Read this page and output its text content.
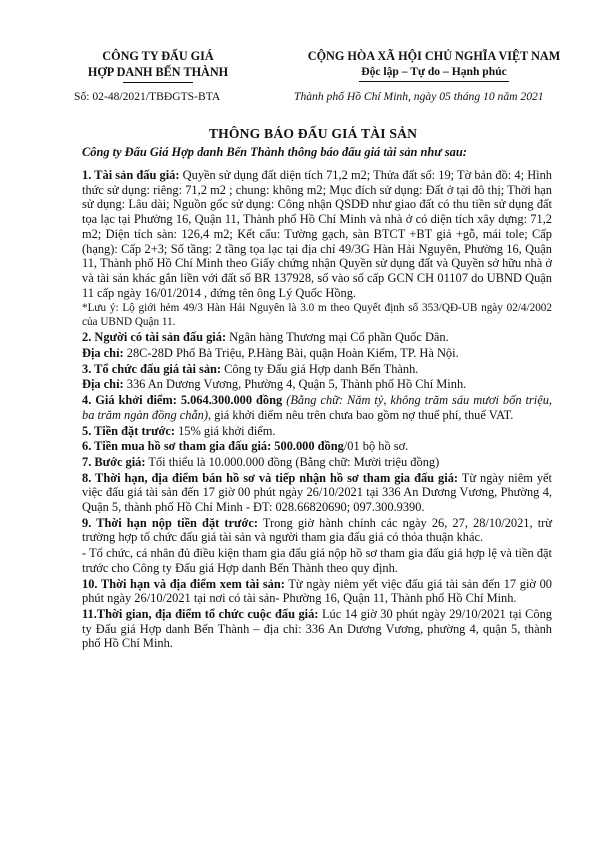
CÔNG TY ĐẤU GIÁ
HỢP DANH BẾN THÀNH
CỘNG HÒA XÃ HỘI CHỦ NGHĨA VIỆT NAM
Độc lập – Tự do – Hạnh phúc
Số: 02-48/2021/TBĐGTS-BTA	Thành phố Hồ Chí Minh, ngày 05 tháng 10 năm 2021
THÔNG BÁO ĐẤU GIÁ TÀI SẢN
Công ty Đấu Giá Hợp danh Bến Thành thông báo đấu giá tài sản như sau:

1. Tài sản đấu giá: Quyền sử dụng đất diện tích 71,2 m2; Thửa đất số: 19; Tờ bản đồ: 4; Hình thức sử dụng: riêng: 71,2 m2 ; chung: không m2; Mục đích sử dụng: Đất ở tại đô thị; Thời hạn sử dụng: Lâu dài; Nguồn gốc sử dụng: Công nhận QSDĐ như giao đất có thu tiền sử dụng đất tọa lạc tại Phường 16, Quận 11, Thành phố Hồ Chí Minh và nhà ở có diện tích xây dựng: 71,2 m2; Diện tích sàn: 126,4 m2; Kết cấu: Tường gạch, sàn BTCT +BT giả +gỗ, mái tole; Cấp (hạng): Cấp 2+3; Số tầng: 2 tầng tọa lạc tại địa chỉ 49/3G Hàn Hải Nguyên, Phường 16, Quận 11, Thành phố Hồ Chí Minh theo Giấy chứng nhận Quyền sử dụng đất và Quyền sở hữu nhà ở và tài sản khác gắn liền với đất số BR 137928, số vào số cấp GCN CH 01107 do UBND Quận 11 cấp ngày 16/01/2014 , đứng tên ông Lý Quốc Hồng.

*Lưu ý: Lộ giới hẻm 49/3 Hàn Hải Nguyên là 3.0 m theo Quyết định số 353/QĐ-UB ngày 02/4/2002 của UBND Quận 11.

2. Người có tài sản đấu giá: Ngân hàng Thương mại Cổ phần Quốc Dân.

Địa chỉ: 28C-28D Phố Bà Triệu, P.Hàng Bài, quận Hoàn Kiếm, TP. Hà Nội.

3. Tổ chức đấu giá tài sản: Công ty Đấu giá Hợp danh Bến Thành.

Địa chỉ: 336 An Dương Vương, Phường 4, Quận 5, Thành phố Hồ Chí Minh.

4. Giá khởi điểm: 5.064.300.000 đồng (Bằng chữ: Năm tỷ, không trăm sáu mươi bốn triệu, ba trăm ngàn đồng chẵn), giá khởi điểm nêu trên chưa bao gồm nợ thuế phí, thuế VAT.

5. Tiền đặt trước: 15% giá khởi điểm.

6. Tiền mua hồ sơ tham gia đấu giá: 500.000 đồng/01 bộ hồ sơ.

7. Bước giá: Tối thiểu là 10.000.000 đồng (Bằng chữ: Mười triệu đồng)

8. Thời hạn, địa điểm bán hồ sơ và tiếp nhận hồ sơ tham gia đấu giá: Từ ngày niêm yết việc đấu giá tài sản đến 17 giờ 00 phút ngày 26/10/2021 tại 336 An Dương Vương, Phường 4, Quận 5, thành phố Hồ Chí Minh - ĐT: 028.66820690; 097.300.9390.

9. Thời hạn nộp tiền đặt trước: Trong giờ hành chính các ngày 26, 27, 28/10/2021, trừ trường hợp tổ chức đấu giá tài sản và người tham gia đấu giá có thỏa thuận khác.

- Tổ chức, cá nhân đủ điều kiện tham gia đấu giá nộp hồ sơ tham gia đấu giá hợp lệ và tiền đặt trước cho Công ty Đấu giá Hợp danh Bến Thành theo quy định.

10. Thời hạn và địa điểm xem tài sản: Từ ngày niêm yết việc đấu giá tài sản đến 17 giờ 00 phút ngày 26/10/2021 tại nơi có tài sản- Phường 16, Quận 11, Thành phố Hồ Chí Minh.

11.Thời gian, địa điểm tổ chức cuộc đấu giá: Lúc 14 giờ 30 phút ngày 29/10/2021 tại Công ty Đấu giá Hợp danh Bến Thành – địa chỉ: 336 An Dương Vương, phường 4, quận 5, thành phố Hồ Chí Minh.
